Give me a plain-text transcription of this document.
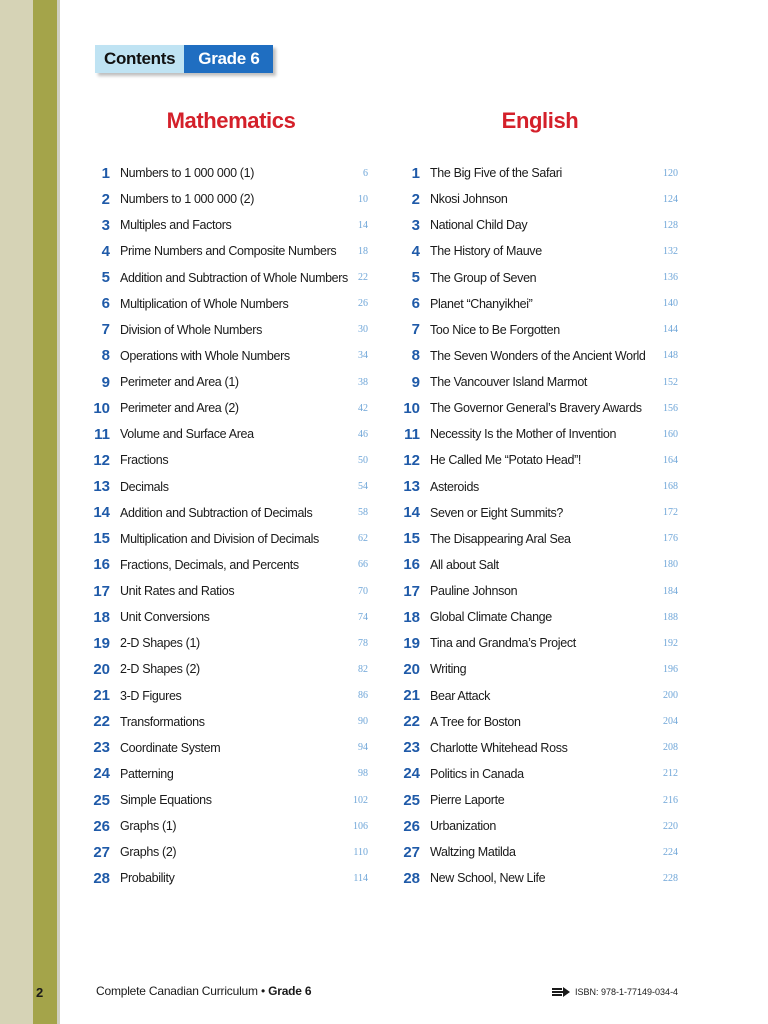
2
Contents	Grade 6
Mathematics	English
1 Numbers to 1 000 000 (1)	6
2 Numbers to 1 000 000 (2)	10
3 Multiples and Factors	14
4 Prime Numbers and Composite Numbers 18
5 Addition and Subtraction of Whole Numbers 22
6 Multiplication of Whole Numbers	26
7 Division of Whole Numbers	30
8 Operations with Whole Numbers	34
9 Perimeter and Area (1)	38
10 Perimeter and Area (2)	42
11 Volume and Surface Area	46
12 Fractions	50
13 Decimals	54
14 Addition and Subtraction of Decimals	58
15 Multiplication and Division of Decimals	62
16 Fractions, Decimals, and Percents	66
17 Unit Rates and Ratios	70
18 Unit Conversions	74
19 2-D Shapes (1)	78
20 2-D Shapes (2)	82
21 3-D Figures	86
22 Transformations	90
23 Coordinate System	94
24 Patterning	98
25 Simple Equations	102
26 Graphs (1)	106
27 Graphs (2)	110
28 Probability	114
1 The Big Five of the Safari	120
2 Nkosi Johnson	124
3 National Child Day	128
4 The History of Mauve	132
5 The Group of Seven	136
6 Planet “Chanyikhei”	140
7 Too Nice to Be Forgotten	144
8 The Seven Wonders of the Ancient World 148
9 The Vancouver Island Marmot	152
10 The Governor General’s Bravery Awards 156
11 Necessity Is the Mother of Invention	160
12 He Called Me “Potato Head”!	164
13 Asteroids	168
14 Seven or Eight Summits?	172
15 The Disappearing Aral Sea	176
16 All about Salt	180
17 Pauline Johnson	184
18 Global Climate Change	188
19 Tina and Grandma’s Project	192
20 Writing	196
21 Bear Attack	200
22 A Tree for Boston	204
23 Charlotte Whitehead Ross	208
24 Politics in Canada	212
25 Pierre Laporte	216
26 Urbanization	220
27 Waltzing Matilda	224
28 New School, New Life	228
Complete Canadian Curriculum • Grade 6	ISBN: 978-1-77149-034-4
